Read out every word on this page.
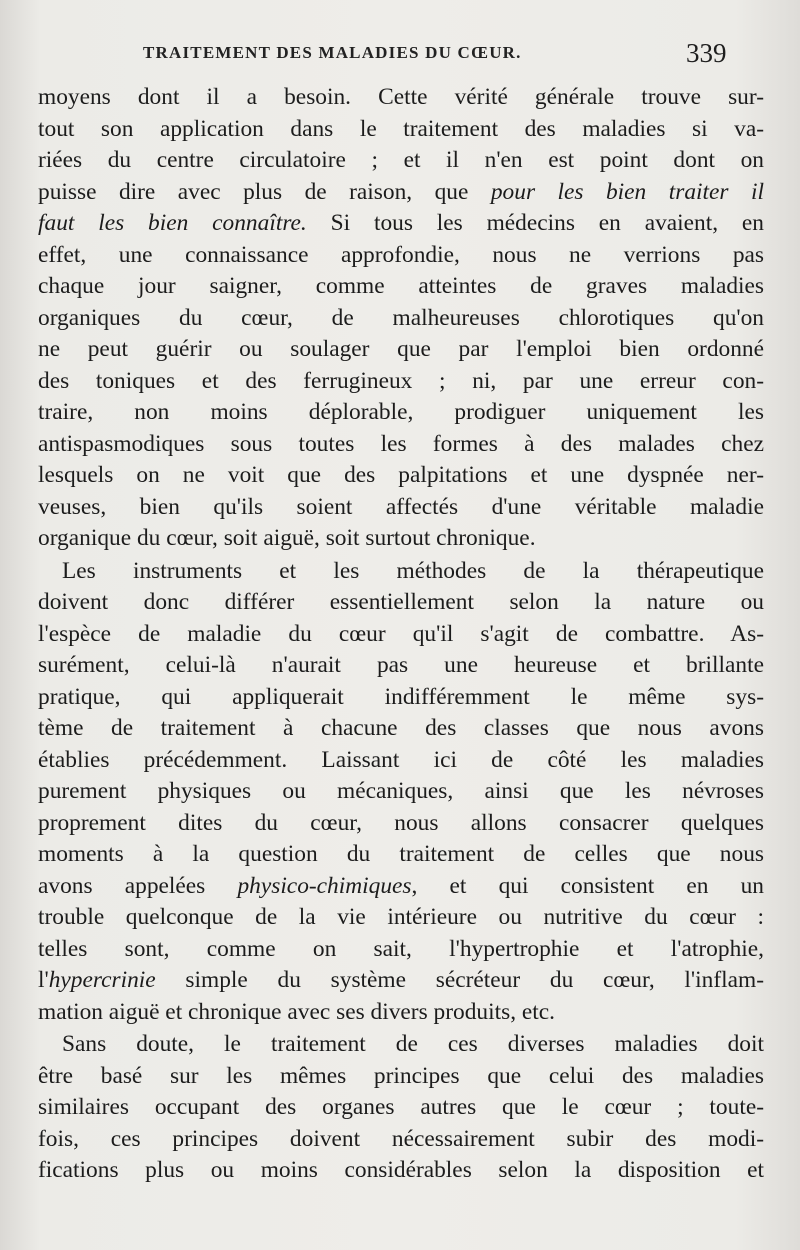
TRAITEMENT DES MALADIES DU CŒUR.	339
moyens dont il a besoin. Cette vérité générale trouve sur-
tout son application dans le traitement des maladies si va-
riées du centre circulatoire ; et il n'en est point dont on
puisse dire avec plus de raison, que pour les bien traiter il
faut les bien connaître. Si tous les médecins en avaient, en
effet, une connaissance approfondie, nous ne verrions pas
chaque jour saigner, comme atteintes de graves maladies
organiques du cœur, de malheureuses chlorotiques qu'on
ne peut guérir ou soulager que par l'emploi bien ordonné
des toniques et des ferrugineux ; ni, par une erreur con-
traire, non moins déplorable, prodiguer uniquement les
antispasmodiques sous toutes les formes à des malades chez
lesquels on ne voit que des palpitations et une dyspnée ner-
veuses, bien qu'ils soient affectés d'une véritable maladie
organique du cœur, soit aiguë, soit surtout chronique.
Les instruments et les méthodes de la thérapeutique
doivent donc différer essentiellement selon la nature ou
l'espèce de maladie du cœur qu'il s'agit de combattre. As-
surément, celui-là n'aurait pas une heureuse et brillante
pratique, qui appliquerait indifféremment le même sys-
tème de traitement à chacune des classes que nous avons
établies précédemment. Laissant ici de côté les maladies
purement physiques ou mécaniques, ainsi que les névroses
proprement dites du cœur, nous allons consacrer quelques
moments à la question du traitement de celles que nous
avons appelées physico-chimiques, et qui consistent en un
trouble quelconque de la vie intérieure ou nutritive du cœur :
telles sont, comme on sait, l'hypertrophie et l'atrophie,
l'hypercrinie simple du système sécréteur du cœur, l'inflam-
mation aiguë et chronique avec ses divers produits, etc.
Sans doute, le traitement de ces diverses maladies doit
être basé sur les mêmes principes que celui des maladies
similaires occupant des organes autres que le cœur ; toute-
fois, ces principes doivent nécessairement subir des modi-
fications plus ou moins considérables selon la disposition et
